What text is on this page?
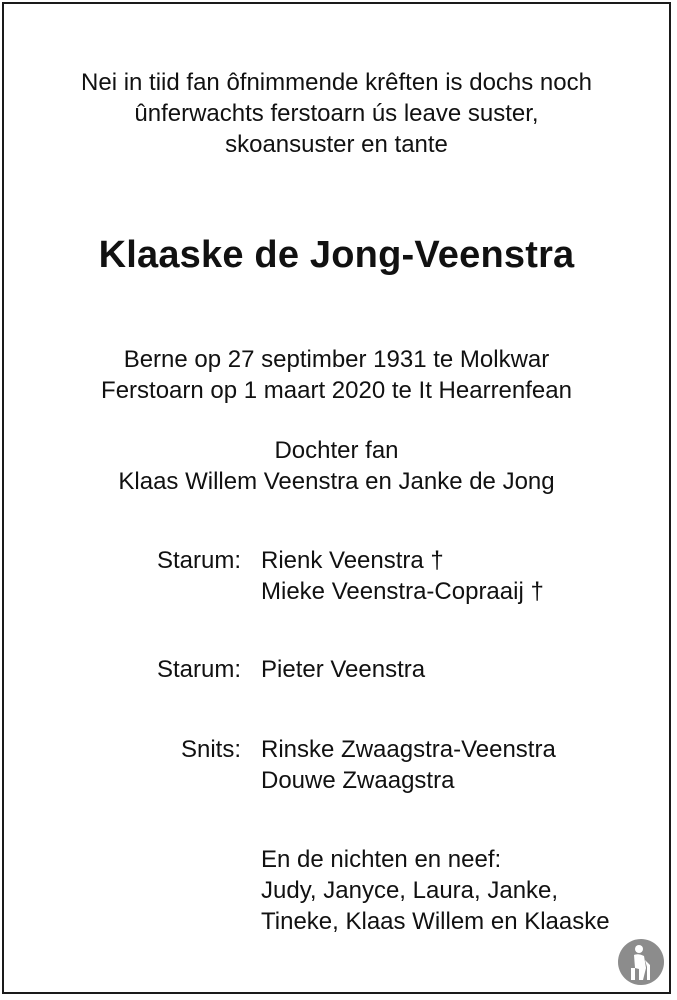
Nei in tiid fan ôfnimmende krêften is dochs noch
ûnferwachts ferstoarn ús leave suster,
skoansuster en tante
Klaaske de Jong-Veenstra
Berne op 27 septimber 1931 te Molkwar
Ferstoarn op 1 maart 2020 te It Hearrenfean
Dochter fan
Klaas Willem Veenstra en Janke de Jong
Starum: Rienk Veenstra †
Mieke Veenstra-Copraaij †
Starum: Pieter Veenstra
Snits: Rinske Zwaagstra-Veenstra
Douwe Zwaagstra
En de nichten en neef:
Judy, Janyce, Laura, Janke,
Tineke, Klaas Willem en Klaaske
